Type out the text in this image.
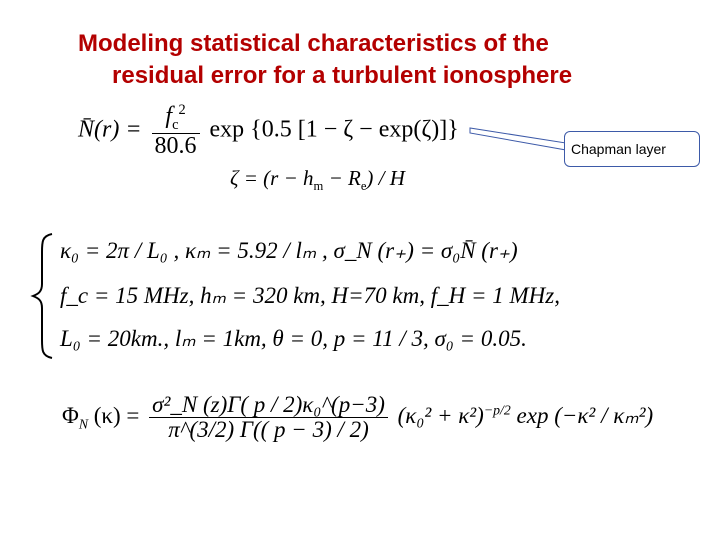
Modeling statistical characteristics of the
residual error for a turbulent ionosphere
N̄(r) = $\frac{f_c^2}{80.6}$ exp {0.5 [1 − ζ − exp(ζ)]}
Chapman layer
$\zeta = (r - h_m - R_e) / H$
κ₀ = 2π / L₀ , κₘ = 5.92 / lₘ , σ_N (r₊) = σ₀N̄ (r₊)
f_c = 15 MHz, hₘ = 320 km, H=70 km, f_H = 1 MHz,
L₀ = 20km., lₘ = 1km, θ = 0, p = 11 / 3, σ₀ = 0.05.
$\Phi_N$ $(\kappa) = \frac{\text{σ²\_N (z)Γ( p / 2)κ₀\textasciicircum{}(p−3)}}{\pi\^{}(3/2) \Gamma(( p - 3) / 2)} (\kappa_0^2 + \kappa^2)^{-p/2}$ exp (−κ² / κₘ²)
